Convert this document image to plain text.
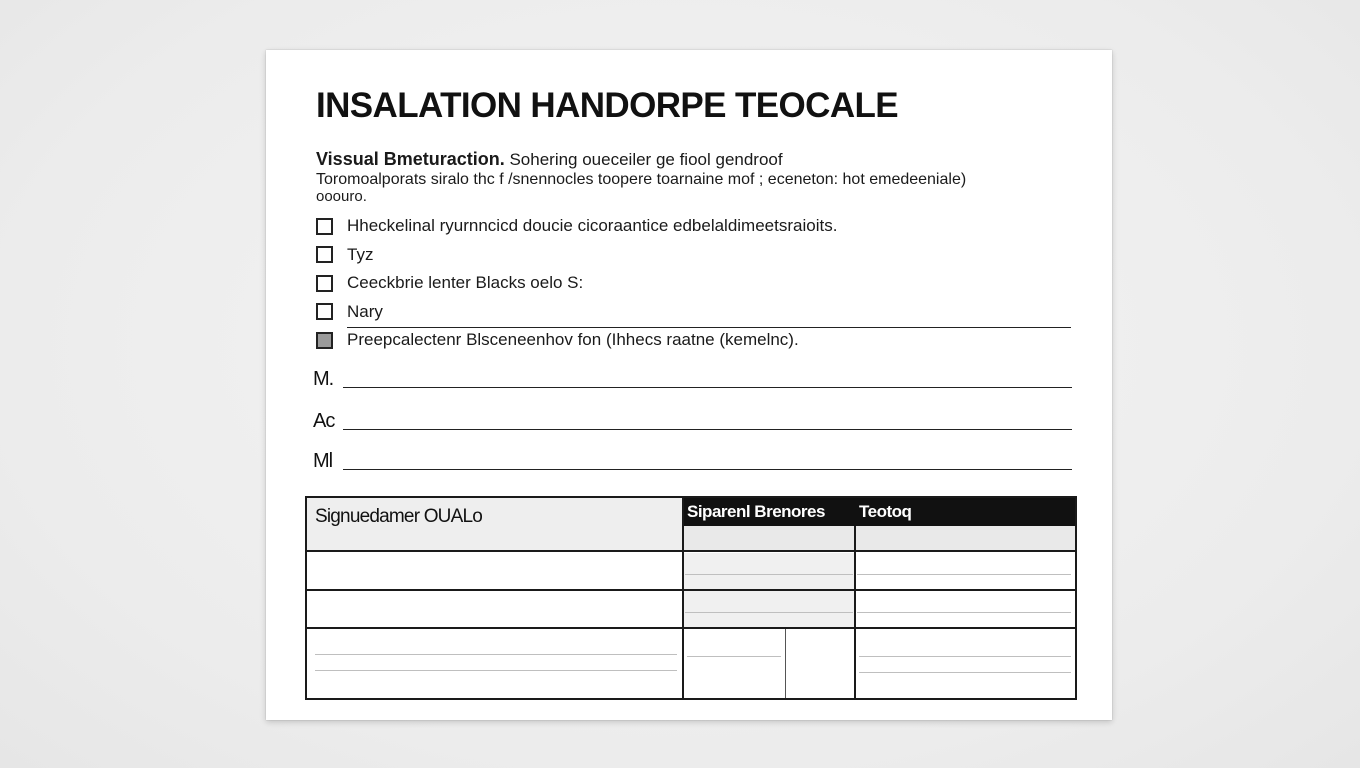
INSALATION HANDORPE TEOCALE
Vissual Bmeturaction. Sohering oueceiler ge fiool gendroof
Toromoalporats siralo thc f /snennocles toopere toarnaine mof ; eceneton: hot emedeeniale)
ooouro.
Hheckelinal ryurnncicd doucie cicoraantice edbelaldimeetsraioits.
Tyz
Ceeckbrie lenter Blacks oelo S:
Nary
Preepcalectenr Blsceneenhov fon (Ihhecs raatne (kemelnc).
M.
Ac
Ml
Signuedamer OUALo	Siparenl Brenores Teotoq
